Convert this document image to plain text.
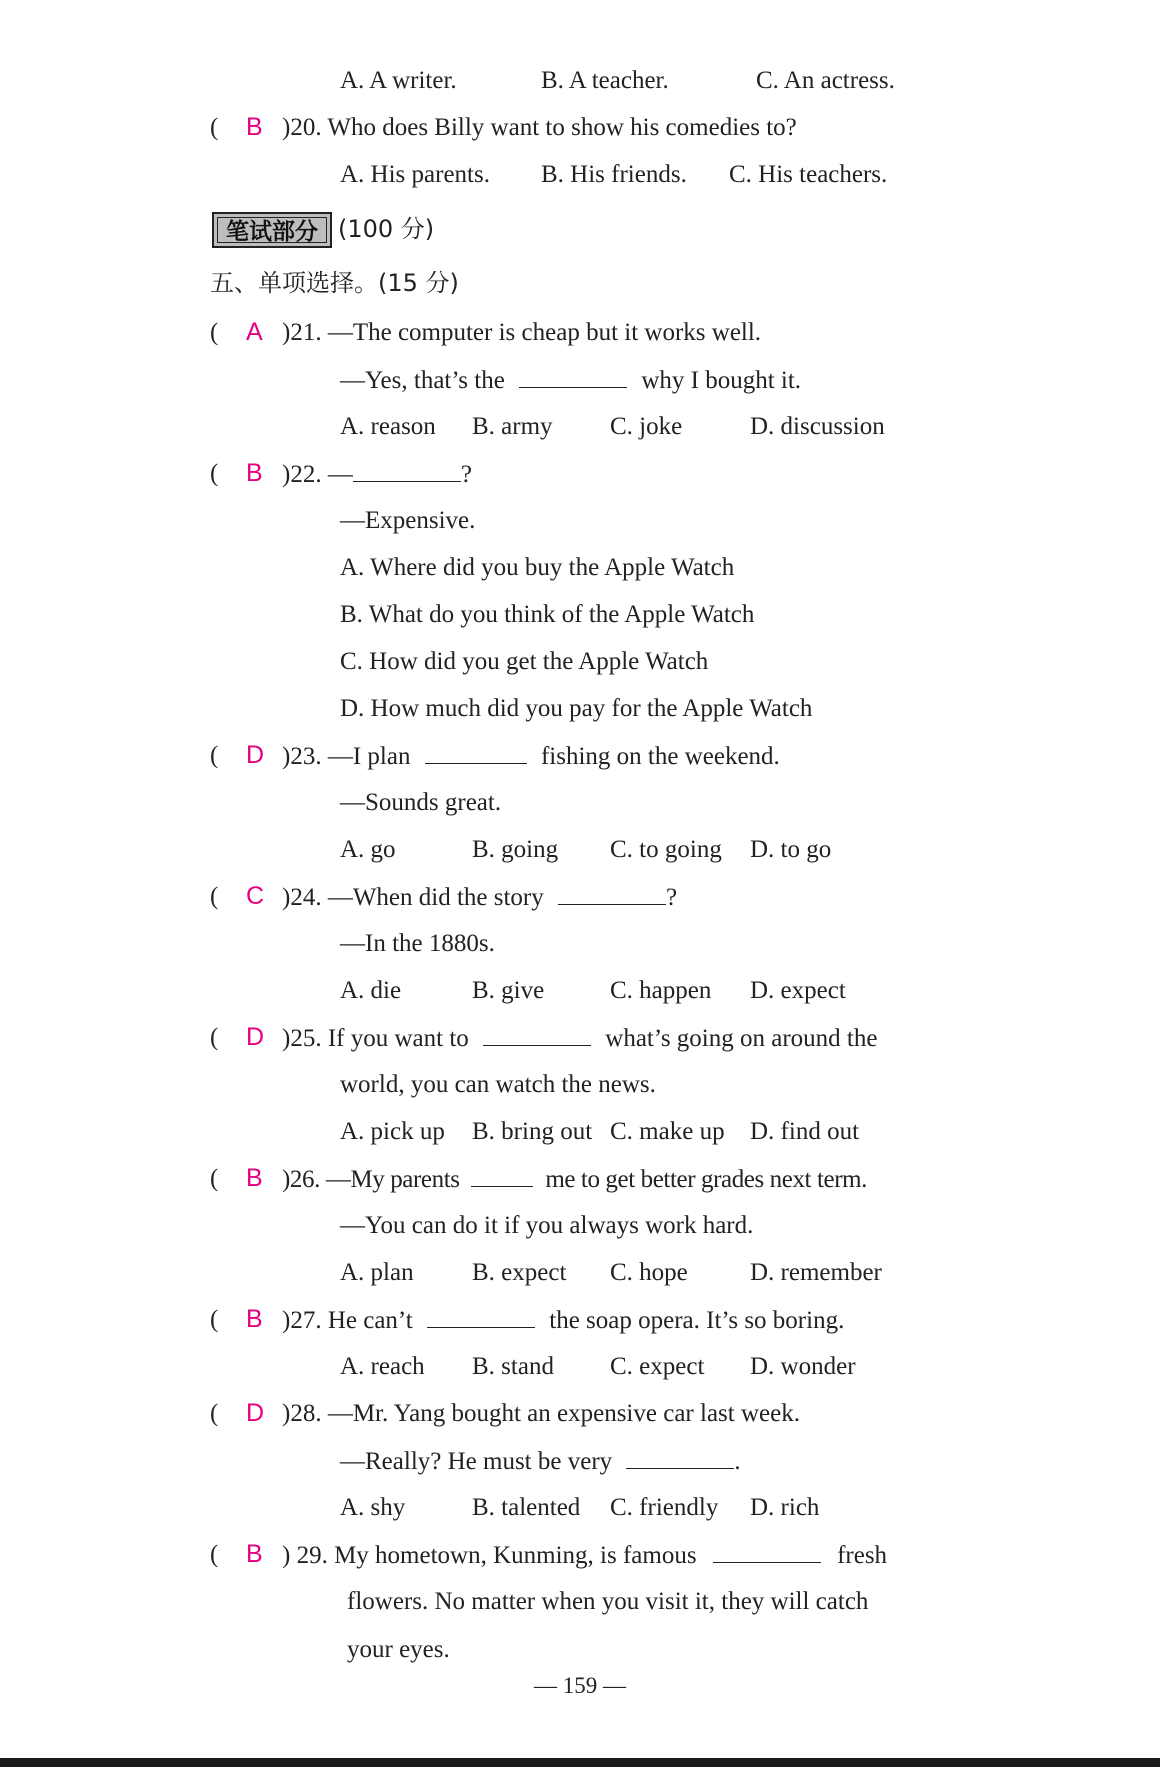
A. A writer.	B. A teacher.	C. An actress.
( B )20. Who does Billy want to show his comedies to?
A. His parents. B. His friends. C. His teachers.
笔试部分 (100 分)
五、单项选择。(15 分)
( A )21. —The computer is cheap but it works well.
—Yes, that’s the	why I bought it.
A. reason B. army C. joke	D. discussion
( B )22. —	?
—Expensive.
A. Where did you buy the Apple Watch
B. What do you think of the Apple Watch
C. How did you get the Apple Watch
D. How much did you pay for the Apple Watch
( D )23. —I plan	fishing on the weekend.
—Sounds great.
A. go	B. going C. to going D. to go
( C )24. —When did the story	?
—In the 1880s.
A. die	B. give	C. happen D. expect
( D )25. If you want to	what’s going on around the
world, you can watch the news.
A. pick up B. bring out C. make up D. find out
( B )26. —My parents	me to get better grades next term.
—You can do it if you always work hard.
A. plan B. expect C. hope D. remember
( B )27. He can’t	the soap opera. It’s so boring.
A. reach B. stand C. expect D. wonder
( D )28. —Mr. Yang bought an expensive car last week.
—Really? He must be very	.
A. shy	B. talented C. friendly D. rich
( B ) 29. My hometown, Kunming, is famous	fresh
flowers. No matter when you visit it, they will catch
your eyes.
— 159 —
